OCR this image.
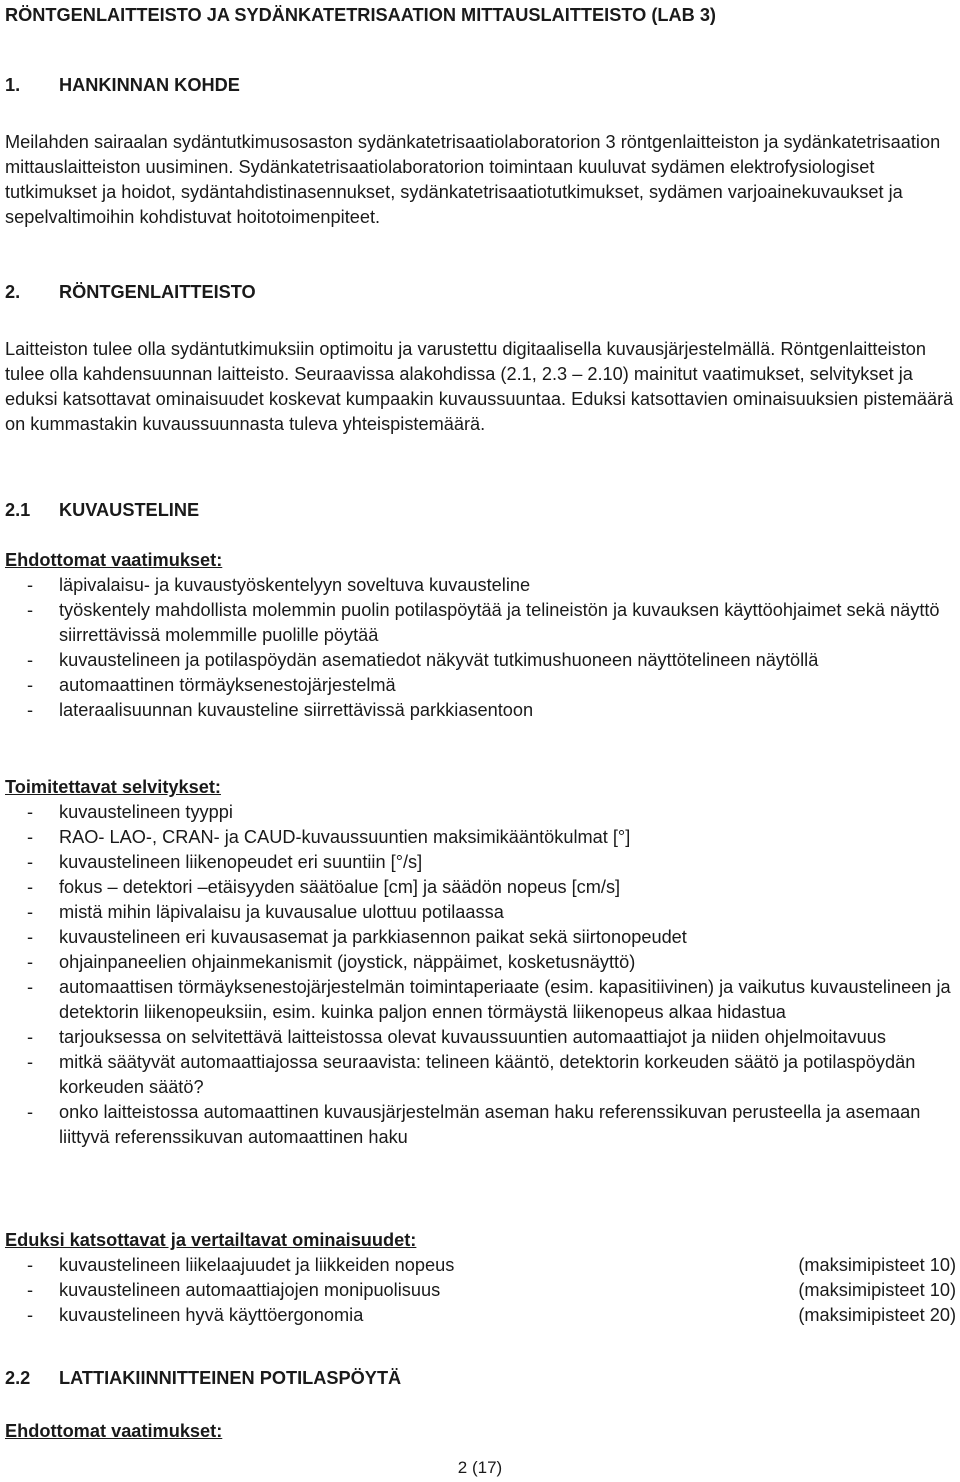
RÖNTGENLAITTEISTO JA SYDÄNKATETRISAATION MITTAUSLAITTEISTO (LAB 3)
1. HANKINNAN KOHDE

Meilahden sairaalan sydäntutkimusosaston sydänkatetrisaatiolaboratorion 3 röntgenlaitteiston ja sydänkatetrisaation mittauslaitteiston uusiminen. Sydänkatetrisaatiolaboratorion toimintaan kuuluvat sydämen elektrofysiologiset tutkimukset ja hoidot, sydäntahdistinasennukset, sydänkatetrisaatiotutkimukset, sydämen varjoainekuvaukset ja sepelvaltimoihin kohdistuvat hoitotoimenpiteet.

2. RÖNTGENLAITTEISTO

Laitteiston tulee olla sydäntutkimuksiin optimoitu ja varustettu digitaalisella kuvausjärjestelmällä. Röntgenlaitteiston tulee olla kahdensuunnan laitteisto. Seuraavissa alakohdissa (2.1, 2.3 – 2.10) mainitut vaatimukset, selvitykset ja eduksi katsottavat ominaisuudet koskevat kumpaakin kuvaussuuntaa. Eduksi katsottavien ominaisuuksien pistemäärä on kummastakin kuvaussuunnasta tuleva yhteispistemäärä.

2.1 KUVAUSTELINE
Ehdottomat vaatimukset:
- läpivalaisu- ja kuvaustyöskentelyyn soveltuva kuvausteline
- työskentely mahdollista molemmin puolin potilaspöytää ja telineistön ja kuvauksen käyttöohjaimet sekä näyttö siirrettävissä molemmille puolille pöytää
- kuvaustelineen ja potilaspöydän asematiedot näkyvät tutkimushuoneen näyttötelineen näytöllä
- automaattinen törmäyksenestojärjestelmä
- lateraalisuunnan kuvausteline siirrettävissä parkkiasentoon
Toimitettavat selvitykset:
- kuvaustelineen tyyppi
- RAO- LAO-, CRAN- ja CAUD-kuvaussuuntien maksimikääntökulmat [°]
- kuvaustelineen liikenopeudet eri suuntiin [°/s]
- fokus – detektori –etäisyyden säätöalue [cm] ja säädön nopeus [cm/s]
- mistä mihin läpivalaisu ja kuvausalue ulottuu potilaassa
- kuvaustelineen eri kuvausasemat ja parkkiasennon paikat sekä siirtonopeudet
- ohjainpaneelien ohjainmekanismit (joystick, näppäimet, kosketusnäyttö)
- automaattisen törmäyksenestojärjestelmän toimintaperiaate (esim. kapasitiivinen) ja vaikutus kuvaustelineen ja detektorin liikenopeuksiin, esim. kuinka paljon ennen törmäystä liikenopeus alkaa hidastua
- tarjouksessa on selvitettävä laitteistossa olevat kuvaussuuntien automaattiajot ja niiden ohjelmoitavuus
- mitkä säätyvät automaattiajossa seuraavista: telineen kääntö, detektorin korkeuden säätö ja potilaspöydän korkeuden säätö?
- onko laitteistossa automaattinen kuvausjärjestelmän aseman haku referenssikuvan perusteella ja asemaan liittyvä referenssikuvan automaattinen haku
Eduksi katsottavat ja vertailtavat ominaisuudet:
- kuvaustelineen liikelaajuudet ja liikkeiden nopeus	(maksimipisteet 10)
- kuvaustelineen automaattiajojen monipuolisuus	(maksimipisteet 10)
- kuvaustelineen hyvä käyttöergonomia	(maksimipisteet 20)
2.2 LATTIAKIINNITTEINEN POTILASPÖYTÄ
Ehdottomat vaatimukset:
2 (17)
